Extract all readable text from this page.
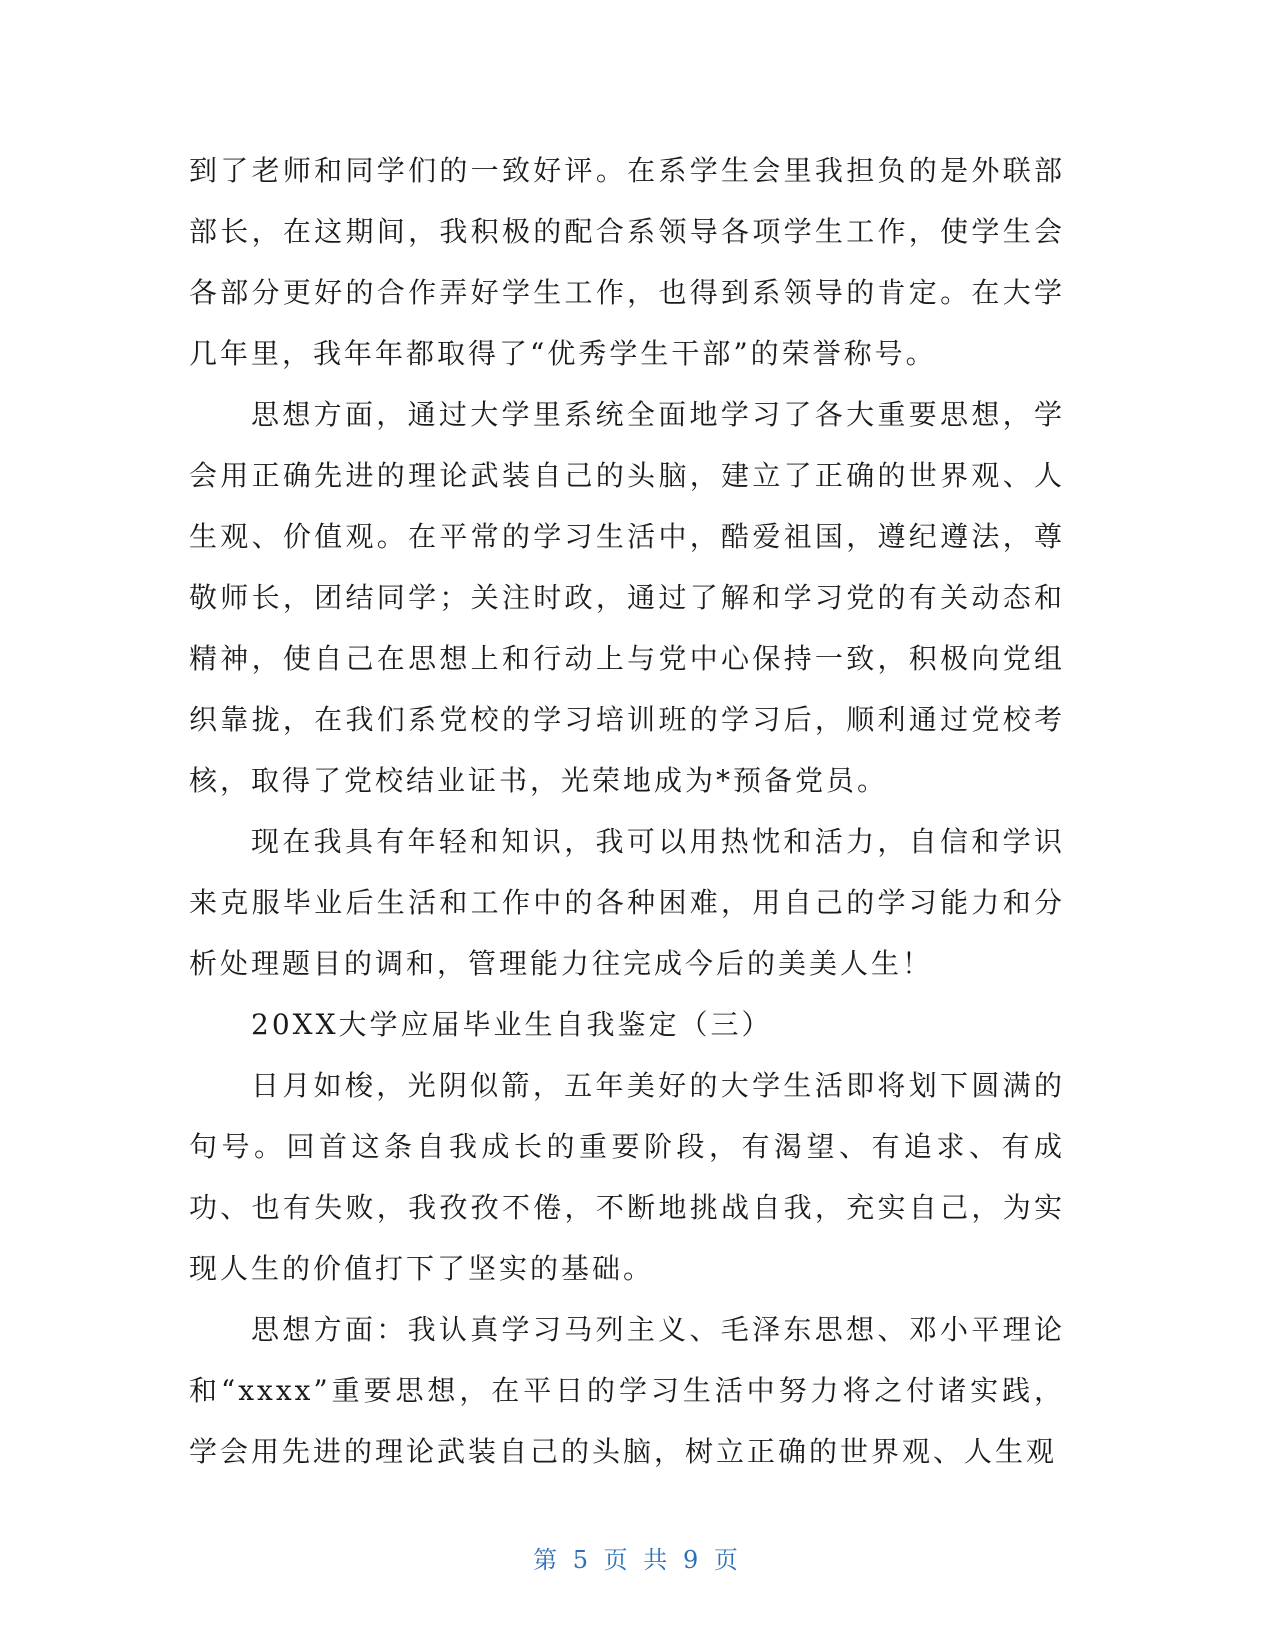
到了老师和同学们的一致好评。在系学生会里我担负的是外联部部长，在这期间，我积极的配合系领导各项学生工作，使学生会各部分更好的合作弄好学生工作，也得到系领导的肯定。在大学几年里，我年年都取得了“优秀学生干部”的荣誉称号。

思想方面，通过大学里系统全面地学习了各大重要思想，学会用正确先进的理论武装自己的头脑，建立了正确的世界观、人生观、价值观。在平常的学习生活中，酷爱祖国，遵纪遵法，尊敬师长，团结同学；关注时政，通过了解和学习党的有关动态和精神，使自己在思想上和行动上与党中心保持一致，积极向党组织靠拢，在我们系党校的学习培训班的学习后，顺利通过党校考核，取得了党校结业证书，光荣地成为*预备党员。

现在我具有年轻和知识，我可以用热忱和活力，自信和学识来克服毕业后生活和工作中的各种困难，用自己的学习能力和分析处理题目的调和，管理能力往完成今后的美美人生！

20XX大学应届毕业生自我鉴定（三）

日月如梭，光阴似箭，五年美好的大学生活即将划下圆满的句号。回首这条自我成长的重要阶段，有渴望、有追求、有成功、也有失败，我孜孜不倦，不断地挑战自我，充实自己，为实现人生的价值打下了坚实的基础。

思想方面：我认真学习马列主义、毛泽东思想、邓小平理论和“xxxx”重要思想，在平日的学习生活中努力将之付诸实践，学会用先进的理论武装自己的头脑，树立正确的世界观、人生观

第 5 页 共 9 页
